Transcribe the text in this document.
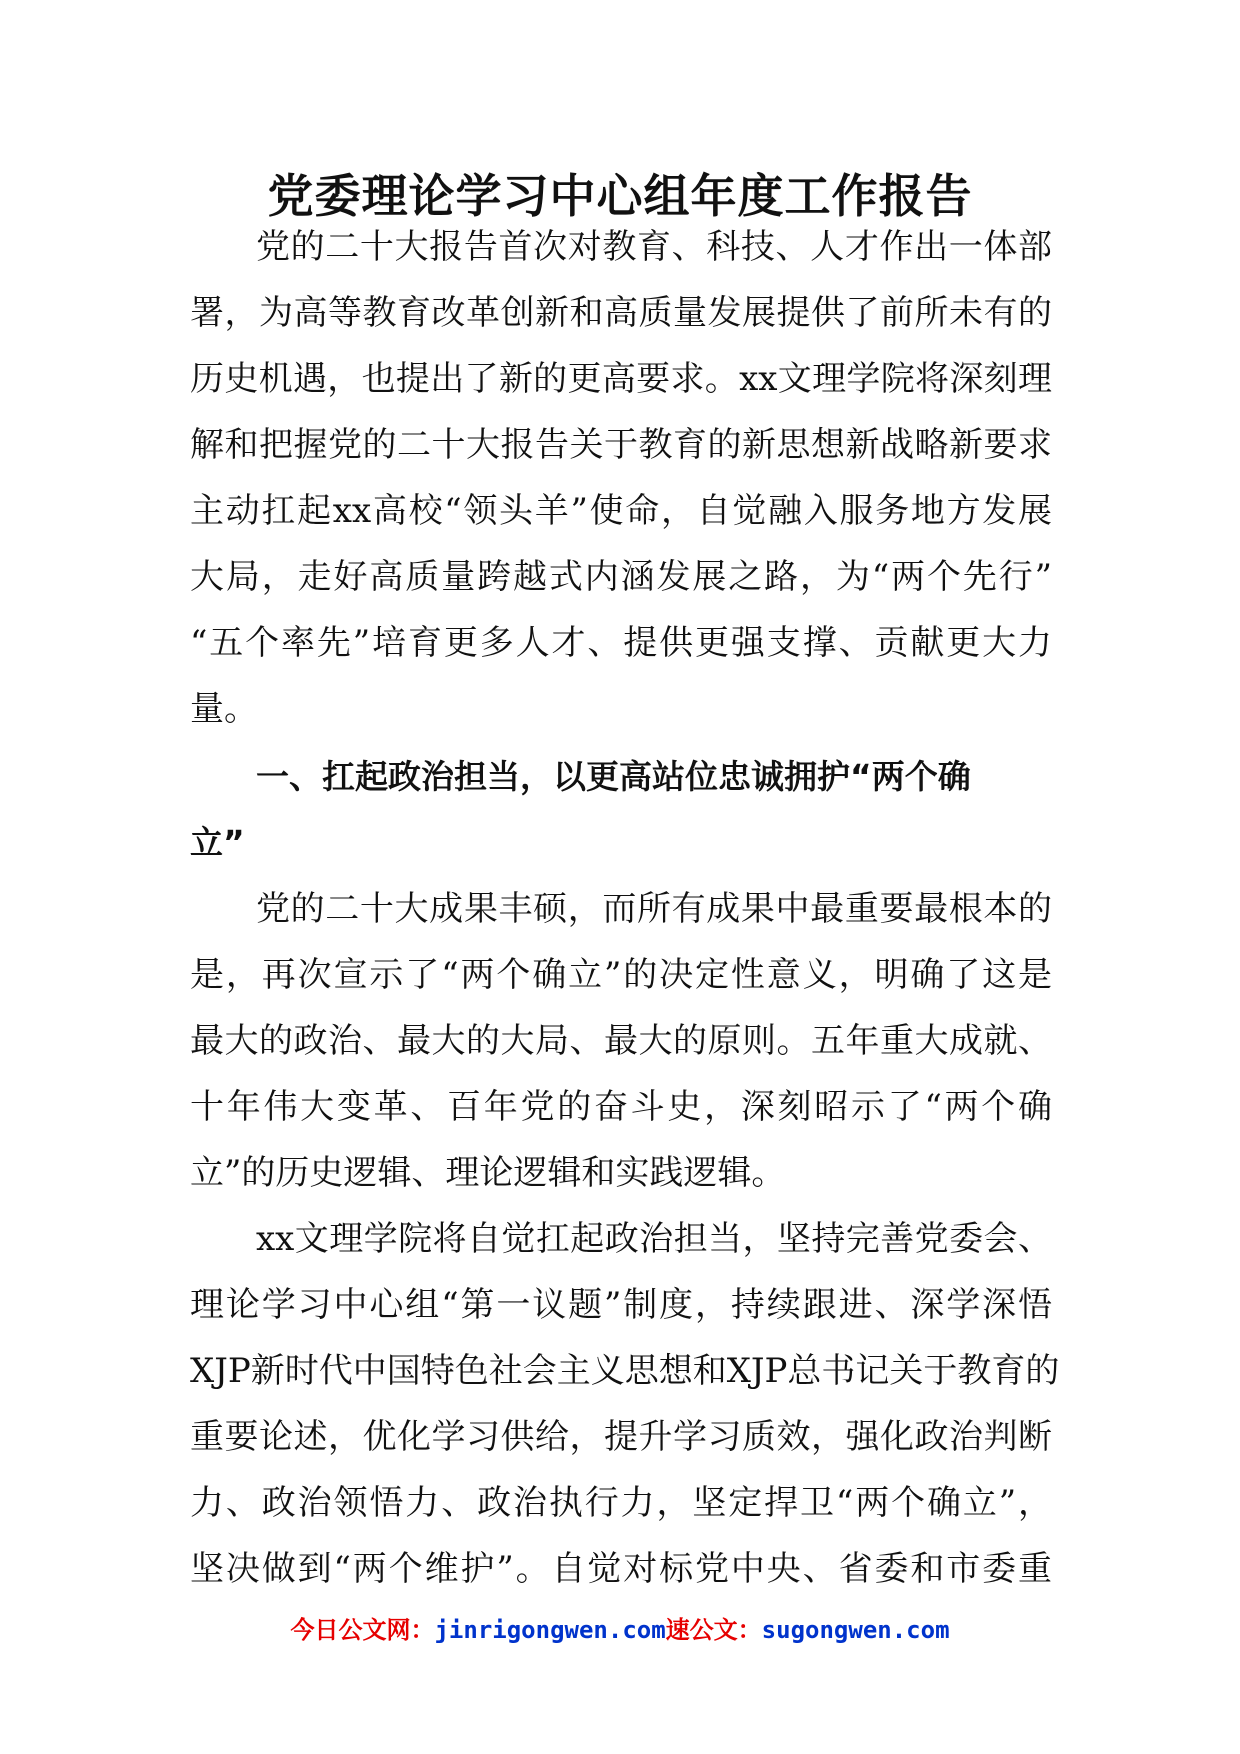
党委理论学习中心组年度工作报告
党的二十大报告首次对教育、科技、人才作出一体部
署，为高等教育改革创新和高质量发展提供了前所未有的
历史机遇，也提出了新的更高要求。xx文理学院将深刻理
解和把握党的二十大报告关于教育的新思想新战略新要求
主动扛起xx高校“领头羊”使命，自觉融入服务地方发展
大局，走好高质量跨越式内涵发展之路，为“两个先行”
“五个率先”培育更多人才、提供更强支撑、贡献更大力
量。
一、扛起政治担当，以更高站位忠诚拥护“两个确
立”
党的二十大成果丰硕，而所有成果中最重要最根本的
是，再次宣示了“两个确立”的决定性意义，明确了这是
最大的政治、最大的大局、最大的原则。五年重大成就、
十年伟大变革、百年党的奋斗史，深刻昭示了“两个确
立”的历史逻辑、理论逻辑和实践逻辑。
xx文理学院将自觉扛起政治担当，坚持完善党委会、
理论学习中心组“第一议题”制度，持续跟进、深学深悟
XJP新时代中国特色社会主义思想和XJP总书记关于教育的
重要论述，优化学习供给，提升学习质效，强化政治判断
力、政治领悟力、政治执行力，坚定捍卫“两个确立”，
坚决做到“两个维护”。自觉对标党中央、省委和市委重
今日公文网：jinrigongwen.com速公文：sugongwen.com
